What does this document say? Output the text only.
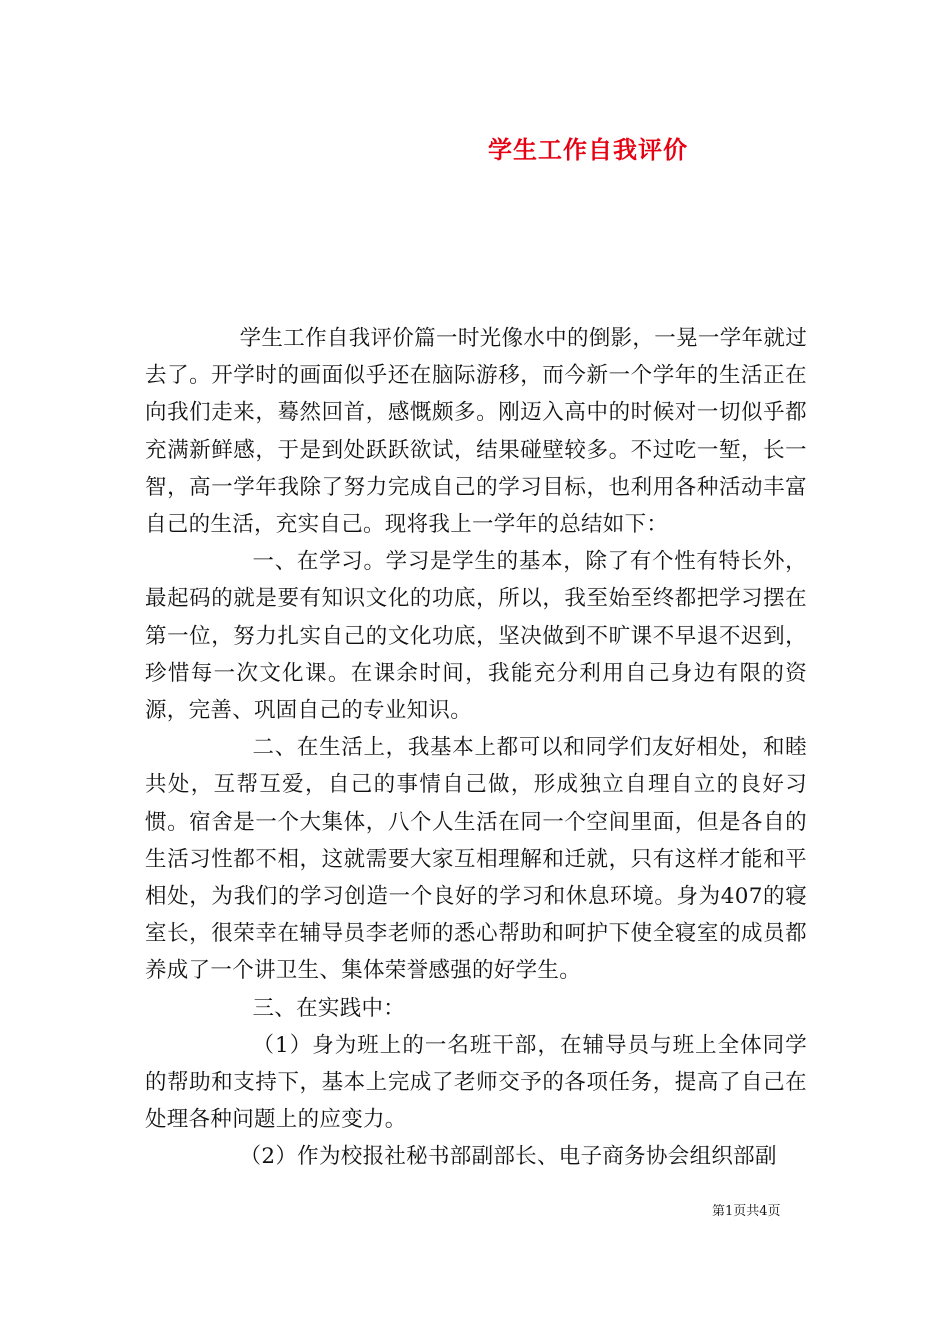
学生工作自我评价

学生工作自我评价篇一时光像水中的倒影，一晃一学年就过去了。开学时的画面似乎还在脑际游移，而今新一个学年的生活正在向我们走来，蓦然回首，感慨颇多。刚迈入高中的时候对一切似乎都充满新鲜感，于是到处跃跃欲试，结果碰壁较多。不过吃一堑，长一智，高一学年我除了努力完成自己的学习目标，也利用各种活动丰富自己的生活，充实自己。现将我上一学年的总结如下：

一、在学习。学习是学生的基本，除了有个性有特长外，最起码的就是要有知识文化的功底，所以，我至始至终都把学习摆在第一位，努力扎实自己的文化功底，坚决做到不旷课不早退不迟到，珍惜每一次文化课。在课余时间，我能充分利用自己身边有限的资源，完善、巩固自己的专业知识。

二、在生活上，我基本上都可以和同学们友好相处，和睦共处，互帮互爱，自己的事情自己做，形成独立自理自立的良好习惯。宿舍是一个大集体，八个人生活在同一个空间里面，但是各自的生活习性都不相，这就需要大家互相理解和迁就，只有这样才能和平相处，为我们的学习创造一个良好的学习和休息环境。身为407的寝室长，很荣幸在辅导员李老师的悉心帮助和呵护下使全寝室的成员都养成了一个讲卫生、集体荣誉感强的好学生。

三、在实践中：

（1）身为班上的一名班干部，在辅导员与班上全体同学的帮助和支持下，基本上完成了老师交予的各项任务，提高了自己在处理各种问题上的应变力。

（2）作为校报社秘书部副部长、电子商务协会组织部副

第1页共4页
